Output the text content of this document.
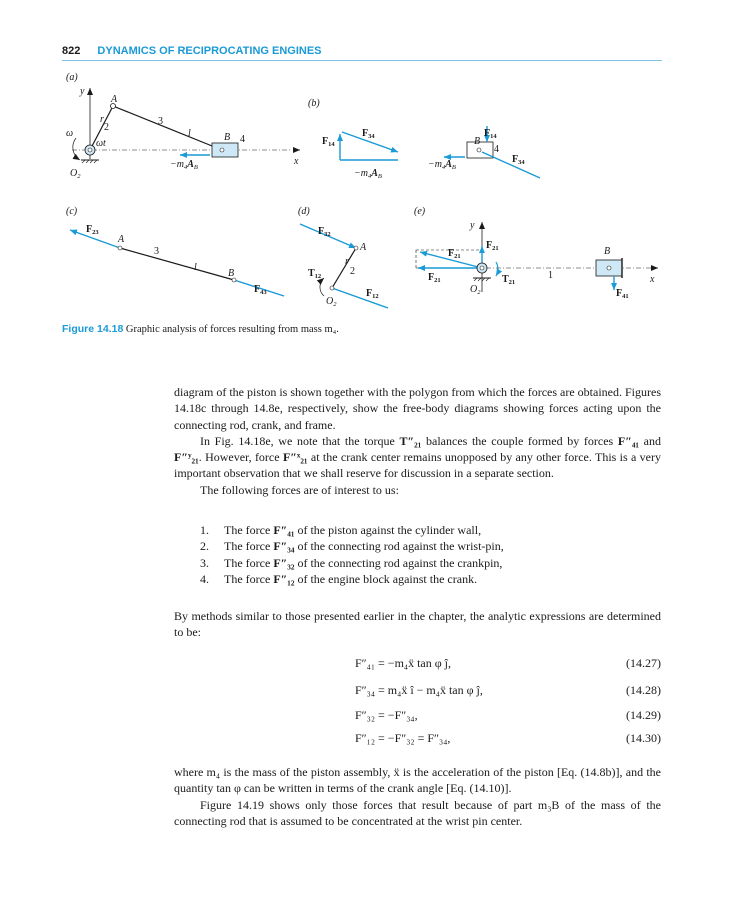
822 DYNAMICS OF RECIPROCATING ENGINES
(a)
y
x
ω
ωt
A
r
2
3
l	B 4
$-m_4A_B$
$O_2$
(b)
$F_{14}$
$F_{34}$
$-m_4A_B$
B
4
$F_{14}$
$F_{34}$
$-m_4A_B$
(c)
$F_{23}$
A
3
l
B
$F_{43}$
(d)
$F_{32}$
A
r
2
$T_{12}$
$O_2$
$F_{12}$
(e)
y
x
$F_{21}$
$F_{21}$
$F_{21}$
$O_2$
$T_{21}$
1
B
$F_{41}$
Figure 14.18 Graphic analysis of forces resulting from mass m₄.

diagram of the piston is shown together with the polygon from which the forces are obtained. Figures 14.18c through 14.8e, respectively, show the free-body diagrams showing forces acting upon the connecting rod, crank, and frame.

In Fig. 14.18e, we note that the torque T″₂₁ balances the couple formed by forces F″₄₁ and F″ʸ₂₁. However, force F″ˣ₂₁ at the crank center remains unopposed by any other force. This is a very important observation that we shall reserve for discussion in a separate section.

The following forces are of interest to us:

1. The force F″₄₁ of the piston against the cylinder wall,
2. The force F″₃₄ of the connecting rod against the wrist-pin,
3. The force F″₃₂ of the connecting rod against the crankpin,
4. The force F″₁₂ of the engine block against the crank.

By methods similar to those presented earlier in the chapter, the analytic expressions are determined to be:

F″₄₁ = −m₄ẍ tan φ ĵ,	(14.27)
F″₃₄ = m₄ẍ î − m₄ẍ tan φ ĵ,	(14.28)
F″₃₂ = −F″₃₄,	(14.29)
F″₁₂ = −F″₃₂ = F″₃₄,	(14.30)

where m₄ is the mass of the piston assembly, ẍ is the acceleration of the piston [Eq. (14.8b)], and the quantity tan φ can be written in terms of the crank angle [Eq. (14.10)].

Figure 14.19 shows only those forces that result because of part m₃B of the mass of the connecting rod that is assumed to be concentrated at the wrist pin center.
